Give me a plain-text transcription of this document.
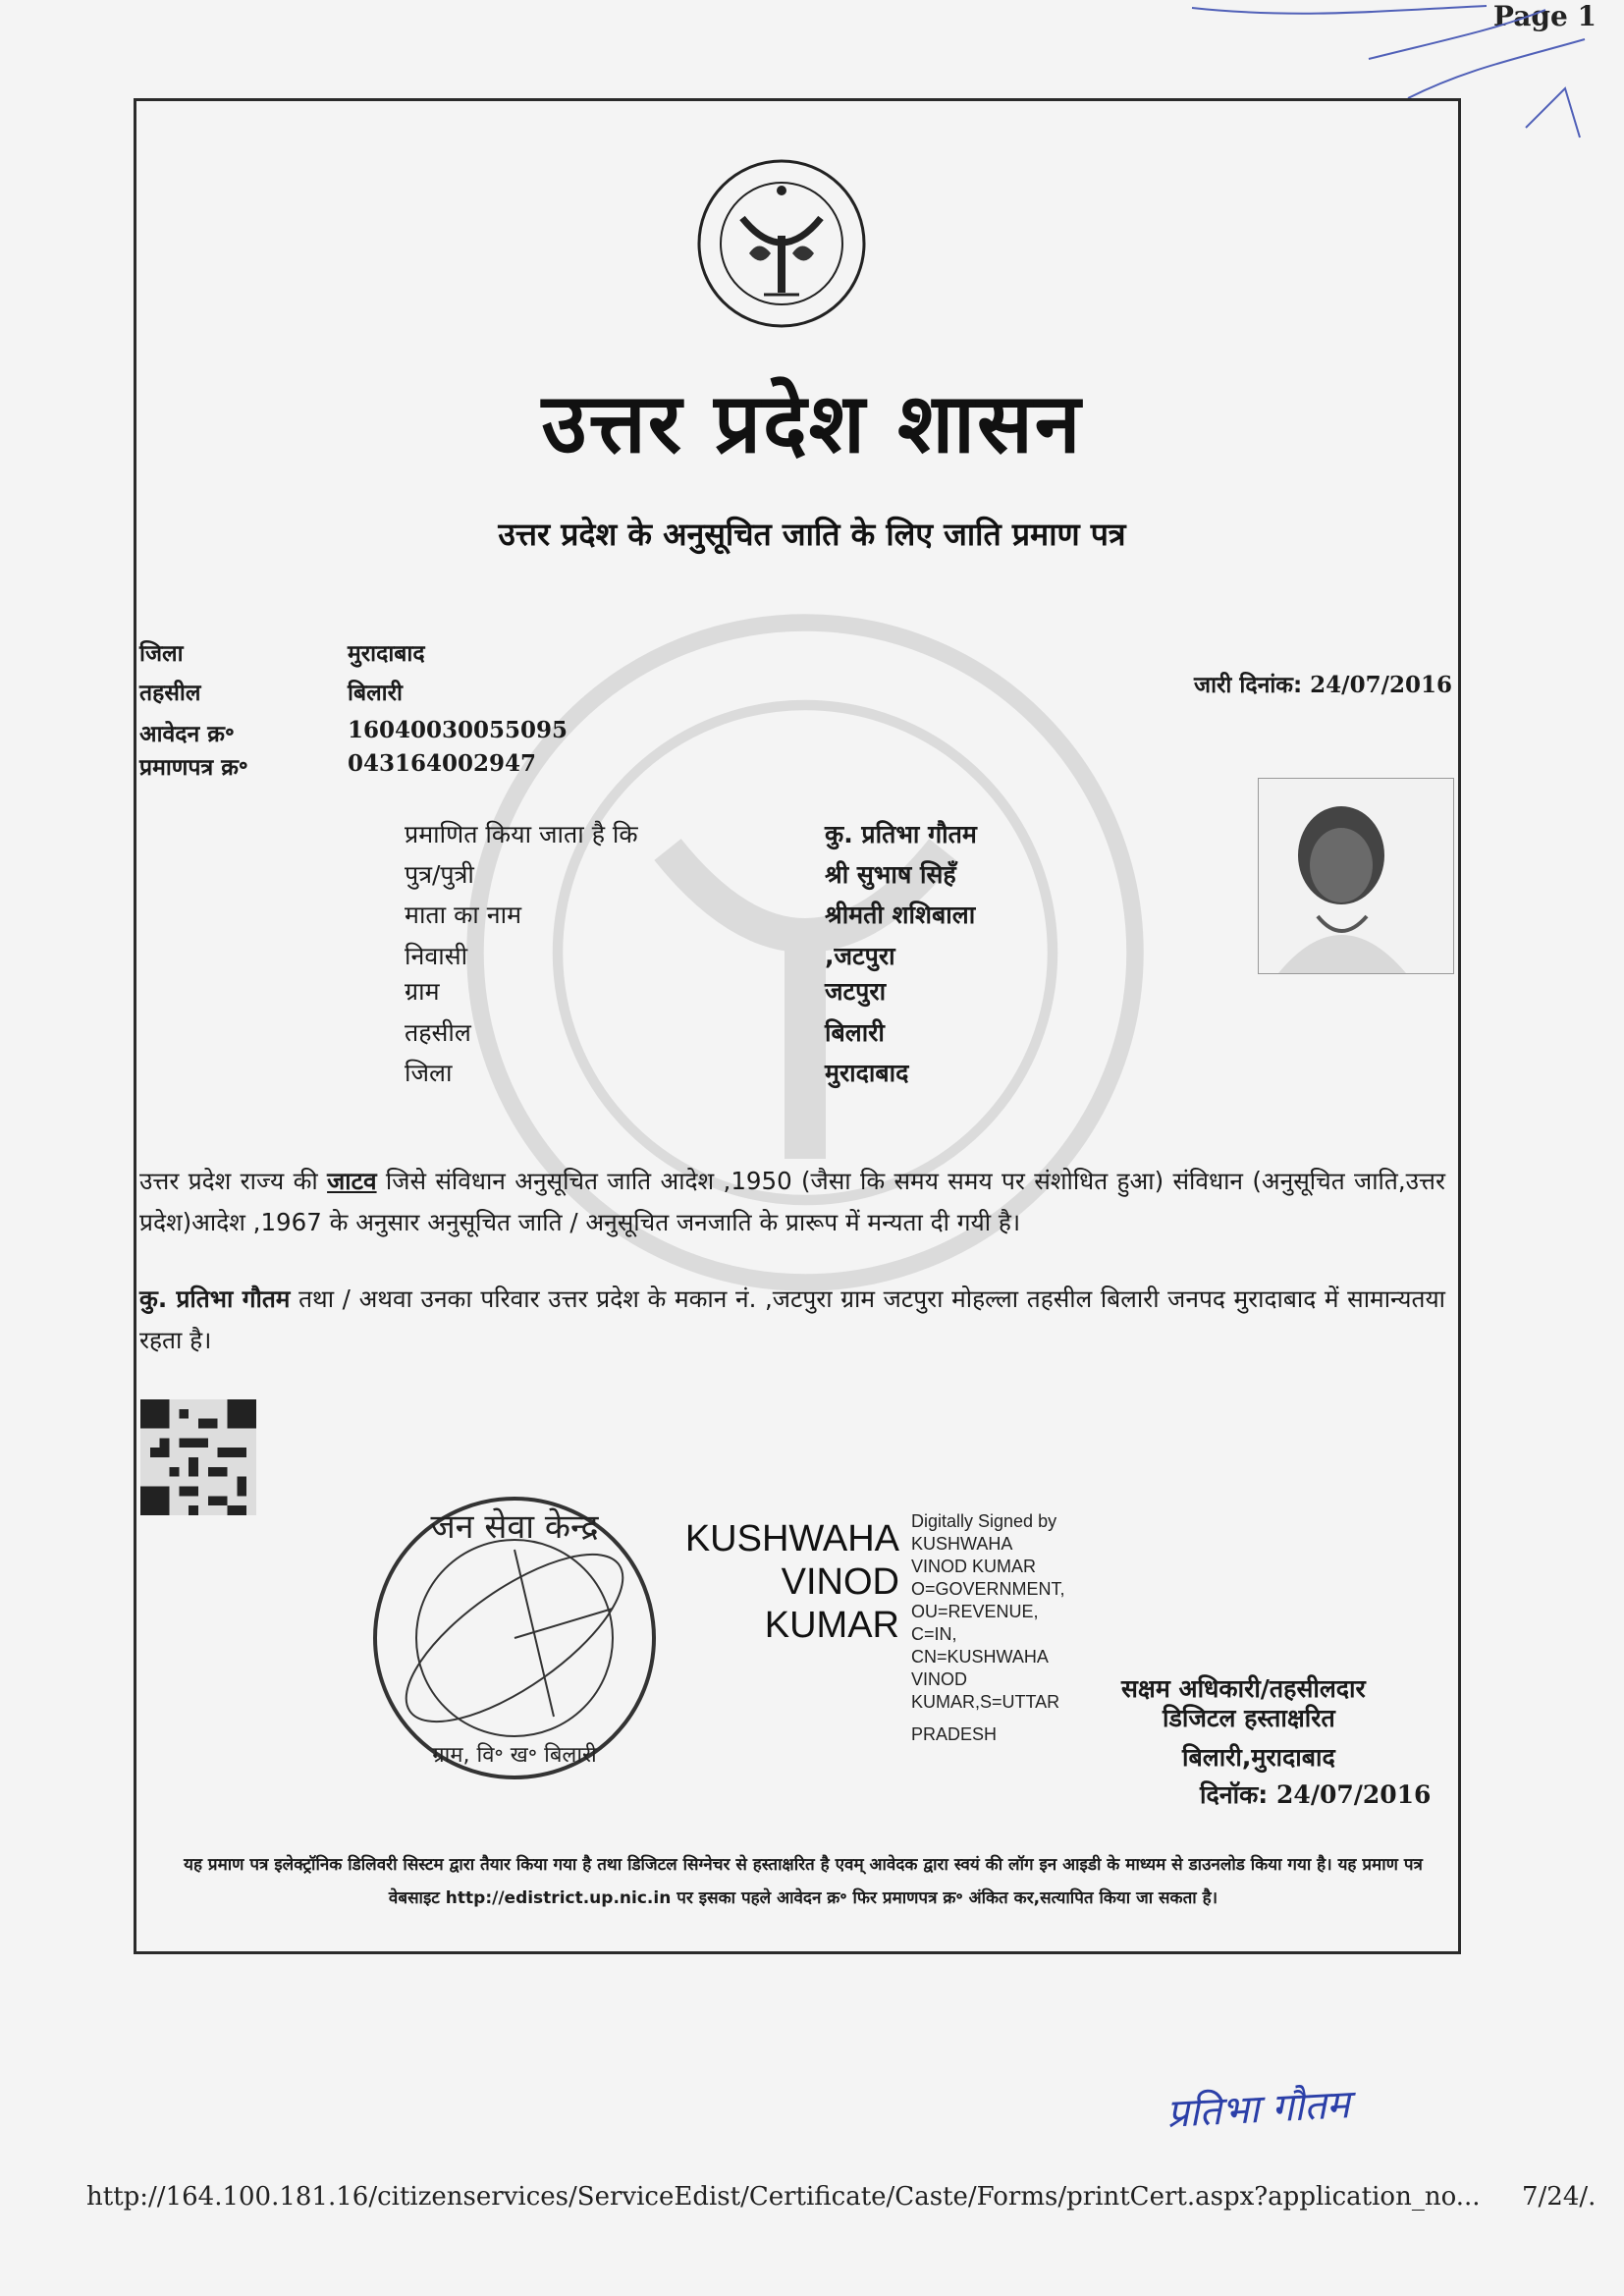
Page 1
उत्तर प्रदेश शासन
उत्तर प्रदेश के अनुसूचित जाति के लिए जाति प्रमाण पत्र
जिला	मुरादाबाद
तहसील	बिलारी
आवेदन क्र॰	16040030055095
प्रमाणपत्र क्र॰	043164002947
जारी दिनांक: 24/07/2016
प्रमाणित किया जाता है कि	कु. प्रतिभा गौतम
पुत्र/पुत्री	श्री सुभाष सिहँ
माता का नाम	श्रीमती शशिबाला
निवासी	,जटपुरा
ग्राम	जटपुरा
तहसील	बिलारी
जिला	मुरादाबाद
उत्तर प्रदेश राज्य की जाटव जिसे संविधान अनुसूचित जाति आदेश ,1950 (जैसा कि समय समय पर संशोधित हुआ) संविधान (अनुसूचित जाति,उत्तर प्रदेश)आदेश ,1967 के अनुसार अनुसूचित जाति / अनुसूचित जनजाति के प्रारूप में मन्यता दी गयी है।
कु. प्रतिभा गौतम तथा / अथवा उनका परिवार उत्तर प्रदेश के मकान नं. ,जटपुरा ग्राम जटपुरा मोहल्ला तहसील बिलारी जनपद मुरादाबाद में सामान्यतया रहता है।
जन सेवा केन्द्र
ग्राम, वि॰ ख॰ बिलारी
KUSHWAHA
VINOD
KUMAR
Digitally Signed by
KUSHWAHA
VINOD KUMAR
O=GOVERNMENT,
OU=REVENUE,
C=IN,
CN=KUSHWAHA
VINOD
KUMAR,S=UTTAR
PRADESH
सक्षम अधिकारी/तहसीलदार
डिजिटल हस्ताक्षरित
बिलारी,मुरादाबाद
दिनॉक: 24/07/2016
यह प्रमाण पत्र इलेक्ट्रॉनिक डिलिवरी सिस्टम द्वारा तैयार किया गया है तथा डिजिटल सिग्नेचर से हस्ताक्षरित है एवम् आवेदक द्वारा स्वयं की लॉग इन आइडी के माध्यम से डाउनलोड किया गया है। यह प्रमाण पत्र वेबसाइट http://edistrict.up.nic.in पर इसका पहले आवेदन क्र॰ फिर प्रमाणपत्र क्र॰ अंकित कर,सत्यापित किया जा सकता है।
प्रतिभा गौतम
http://164.100.181.16/citizenservices/ServiceEdist/Certificate/Caste/Forms/printCert.aspx?application_no... 7/24/.
